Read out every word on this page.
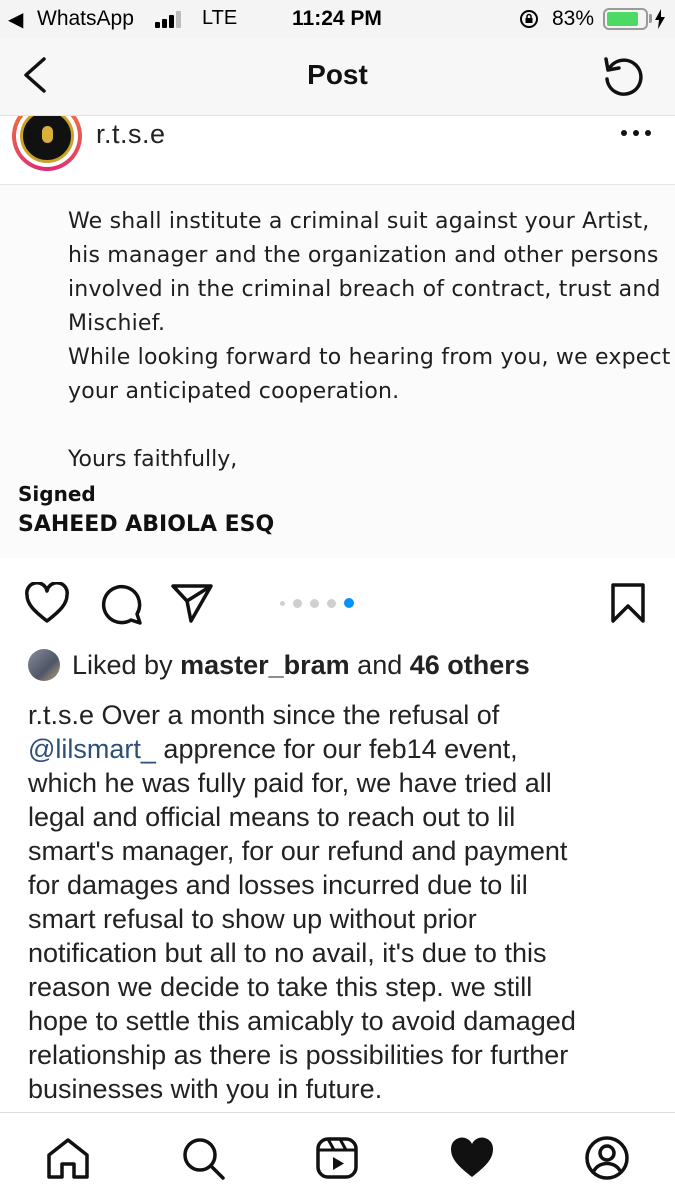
◀ WhatsApp	LTE	11:24 PM	83%
Post
r.t.s.e
We shall institute a criminal suit against your Artist,
his manager and the organization and other persons
involved in the criminal breach of contract, trust and
Mischief.
While looking forward to hearing from you, we expect
your anticipated cooperation.
Yours faithfully,
Signed
SAHEED ABIOLA ESQ
Liked by master_bram and 46 others
r.t.s.e Over a month since the refusal of
@lilsmart_ apprence for our feb14 event,
which he was fully paid for, we have tried all
legal and official means to reach out to lil
smart's manager, for our refund and payment
for damages and losses incurred due to lil
smart refusal to show up without prior
notification but all to no avail, it's due to this
reason we decide to take this step. we still
hope to settle this amicably to avoid damaged
relationship as there is possibilities for further
businesses with you in future.
